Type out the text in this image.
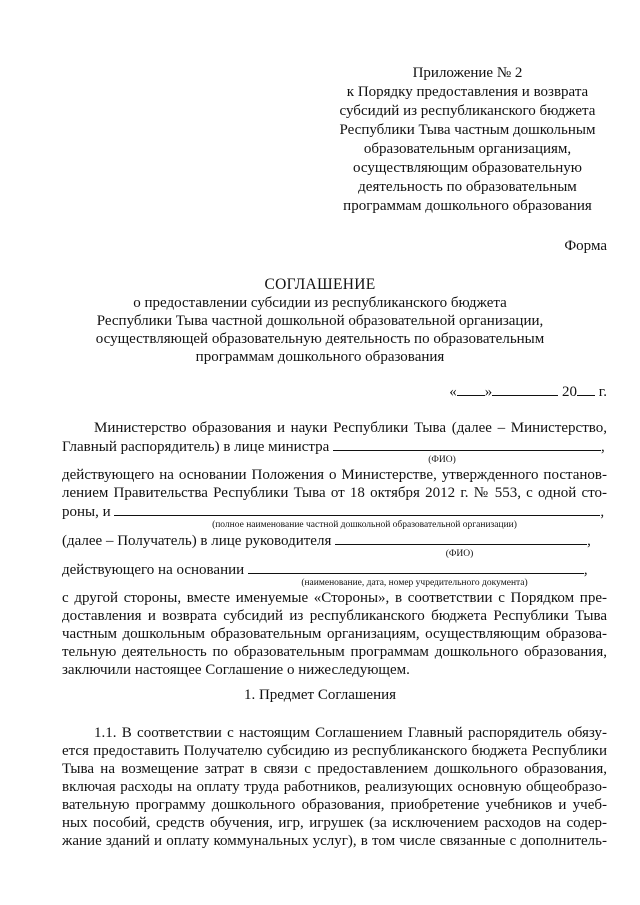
Приложение № 2
к Порядку предоставления и возврата
субсидий из республиканского бюджета
Республики Тыва частным дошкольным
образовательным организациям,
осуществляющим образовательную
деятельность по образовательным
программам дошкольного образования
Форма
СОГЛАШЕНИЕ
о предоставлении субсидии из республиканского бюджета
Республики Тыва частной дошкольной образовательной организации,
осуществляющей образовательную деятельность по образовательным
программам дошкольного образования
« »	20 г.
Министерство образования и науки Республики Тыва (далее – Министерство,
Главный распорядитель) в лице министра	,
(ФИО)
действующего на основании Положения о Министерстве, утвержденного постанов-
лением Правительства Республики Тыва от 18 октября 2012 г. № 553, с одной сто-
роны, и	,
(полное наименование частной дошкольной образовательной организации)
(далее – Получатель) в лице руководителя	,
(ФИО)
действующего на основании	,
(наименование, дата, номер учредительного документа)
с другой стороны, вместе именуемые «Стороны», в соответствии с Порядком пре-
доставления и возврата субсидий из республиканского бюджета Республики Тыва
частным дошкольным образовательным организациям, осуществляющим образова-
тельную деятельность по образовательным программам дошкольного образования,
заключили настоящее Соглашение о нижеследующем.
1. Предмет Соглашения
1.1. В соответствии с настоящим Соглашением Главный распорядитель обязу-
ется предоставить Получателю субсидию из республиканского бюджета Республики
Тыва на возмещение затрат в связи с предоставлением дошкольного образования,
включая расходы на оплату труда работников, реализующих основную общеобразо-
вательную программу дошкольного образования, приобретение учебников и учеб-
ных пособий, средств обучения, игр, игрушек (за исключением расходов на содер-
жание зданий и оплату коммунальных услуг), в том числе связанные с дополнитель-
